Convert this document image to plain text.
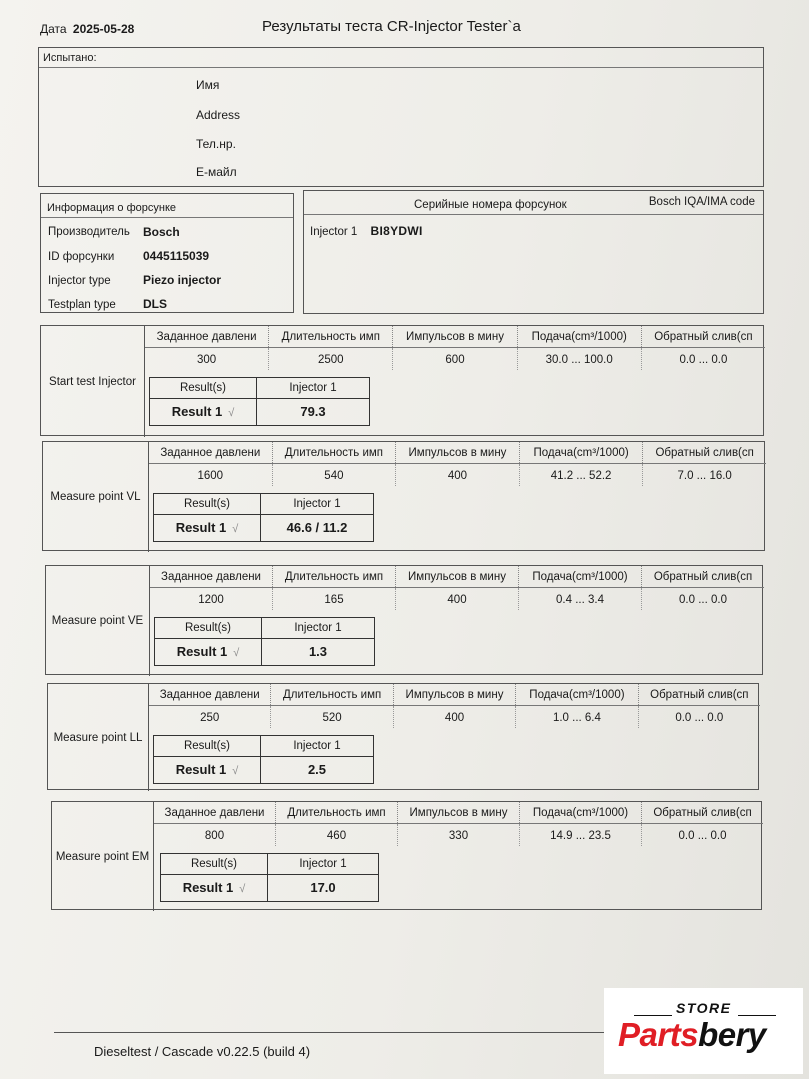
Дата 2025-05-28	Результаты теста CR-Injector Tester`a
Испытано:
Имя
Address
Тел.нр.
Е-майл
Информация о форсунке
Производитель Bosch
ID форсунки 0445115039
Injector type	Piezo injector
Testplan type DLS
Серийные номера форсунок	Bosch IQA/IMA code
Injector 1 BI8YDWI
Start test Injector
Заданное давлени	Длительность имп	Импульсов в мину	Подача(cm³/1000)	Обратный слив(cп
300	2500	600	30.0 ... 100.0	0.0 ... 0.0
Result(s)	Injector 1
Result 1 √	79.3
Measure point VL
Заданное давлени	Длительность имп	Импульсов в мину	Подача(cm³/1000)	Обратный слив(cп
1600	540	400	41.2 ... 52.2	7.0 ... 16.0
Result(s)	Injector 1
Result 1 √	46.6 / 11.2
Measure point VE
Заданное давлени	Длительность имп	Импульсов в мину	Подача(cm³/1000)	Обратный слив(cп
1200	165	400	0.4 ... 3.4	0.0 ... 0.0
Result(s)	Injector 1
Result 1 √	1.3
Measure point LL
Заданное давлени	Длительность имп	Импульсов в мину	Подача(cm³/1000)	Обратный слив(cп
250	520	400	1.0 ... 6.4	0.0 ... 0.0
Result(s)	Injector 1
Result 1 √	2.5
Measure point EM
Заданное давлени	Длительность имп	Импульсов в мину	Подача(cm³/1000)	Обратный слив(cп
800	460	330	14.9 ... 23.5	0.0 ... 0.0
Result(s)	Injector 1
Result 1 √	17.0
Dieseltest / Cascade v0.22.5 (build 4)
STORE
Partsbery
